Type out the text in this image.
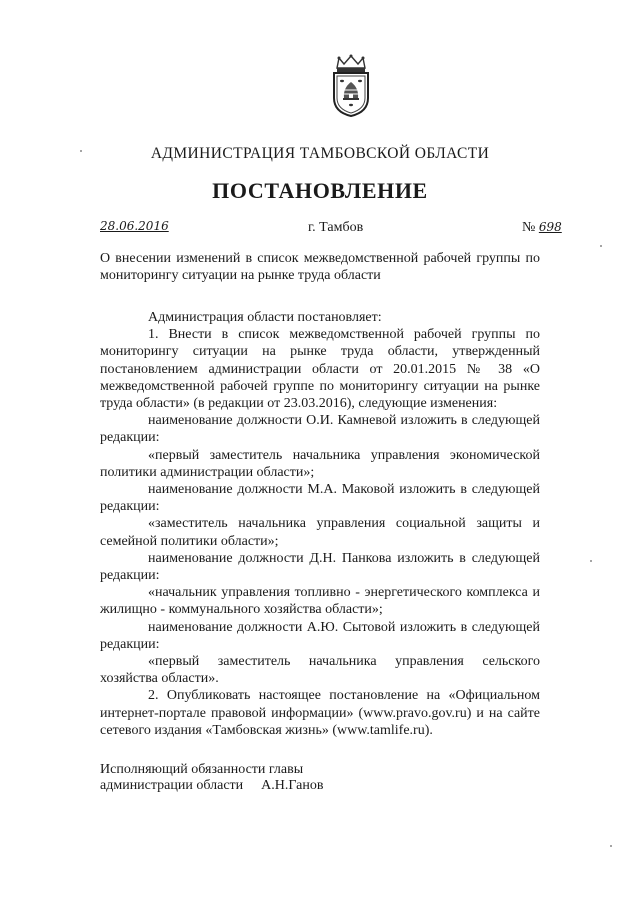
АДМИНИСТРАЦИЯ ТАМБОВСКОЙ ОБЛАСТИ
ПОСТАНОВЛЕНИЕ
28.06.2016	г. Тамбов	№ 698
О внесении изменений в список межведомственной рабочей группы по мониторингу ситуации на рынке труда области

Администрация области постановляет:

1. Внести в список межведомственной рабочей группы по мониторингу ситуации на рынке труда области, утвержденный постановлением администрации области от 20.01.2015 № 38 «О межведомственной рабочей группе по мониторингу ситуации на рынке труда области» (в редакции от 23.03.2016), следующие изменения:

наименование должности О.И. Камневой изложить в следующей редакции:

«первый заместитель начальника управления экономической политики администрации области»;

наименование должности М.А. Маковой изложить в следующей редакции:

«заместитель начальника управления социальной защиты и семейной политики области»;

наименование должности Д.Н. Панкова изложить в следующей редакции:

«начальник управления топливно - энергетического комплекса и жилищно - коммунального хозяйства области»;

наименование должности А.Ю. Сытовой изложить в следующей редакции:

«первый заместитель начальника управления сельского хозяйства области».

2. Опубликовать настоящее постановление на «Официальном интернет-портале правовой информации» (www.pravo.gov.ru) и на сайте сетевого издания «Тамбовская жизнь» (www.tamlife.ru).

Исполняющий обязанности главы
администрации области А.Н.Ганов
